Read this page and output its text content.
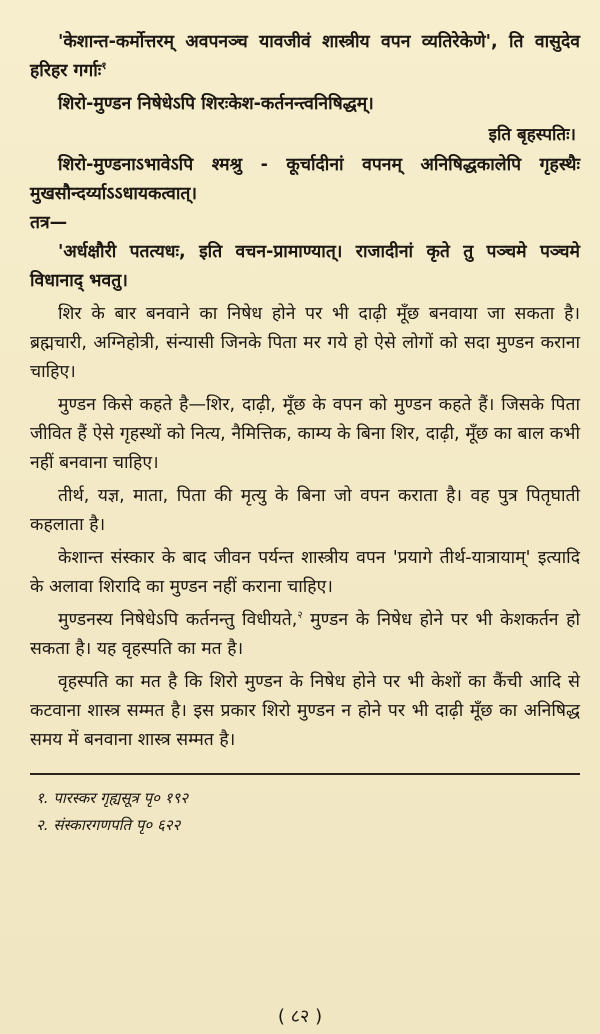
'केशान्त-कर्मोत्तरम् अवपनञ्च यावजीवं शास्त्रीय वपन व्यतिरेकेणे', ति वासुदेव हरिहर गर्गाः$^१$

शिरो-मुण्डन निषेधेऽपि शिरःकेश-कर्तनन्त्वनिषिद्धम्।

इति बृहस्पतिः।

शिरो-मुण्डनाऽभावेऽपि श्मश्रु - कूर्चादीनां वपनम् अनिषिद्धकालेपि गृहस्थैः मुखसौन्दर्य्याऽऽधायकत्वात्।

तत्र—

'अर्धक्षौरी पतत्यधः, इति वचन-प्रामाण्यात्। राजादीनां कृते तु पञ्चमे पञ्चमे विधानाद् भवतु।

शिर के बार बनवाने का निषेध होने पर भी दाढ़ी मूँछ बनवाया जा सकता है। ब्रह्मचारी, अग्निहोत्री, संन्यासी जिनके पिता मर गये हो ऐसे लोगों को सदा मुण्डन कराना चाहिए।

मुण्डन किसे कहते है—शिर, दाढ़ी, मूँछ के वपन को मुण्डन कहते हैं। जिसके पिता जीवित हैं ऐसे गृहस्थों को नित्य, नैमित्तिक, काम्य के बिना शिर, दाढ़ी, मूँछ का बाल कभी नहीं बनवाना चाहिए।

तीर्थ, यज्ञ, माता, पिता की मृत्यु के बिना जो वपन कराता है। वह पुत्र पितृघाती कहलाता है।

केशान्त संस्कार के बाद जीवन पर्यन्त शास्त्रीय वपन 'प्रयागे तीर्थ-यात्रायाम्' इत्यादि के अलावा शिरादि का मुण्डन नहीं कराना चाहिए।

मुण्डनस्य निषेधेऽपि कर्तनन्तु विधीयते,$^२$ मुण्डन के निषेध होने पर भी केशकर्तन हो सकता है। यह वृहस्पति का मत है।

वृहस्पति का मत है कि शिरो मुण्डन के निषेध होने पर भी केशों का कैंची आदि से कटवाना शास्त्र सम्मत है। इस प्रकार शिरो मुण्डन न होने पर भी दाढ़ी मूँछ का अनिषिद्ध समय में बनवाना शास्त्र सम्मत है।

१. पारस्कर गृह्यसूत्र पृ० १९२

२. संस्कारगणपति पृ० ६२२

( ८२ )
